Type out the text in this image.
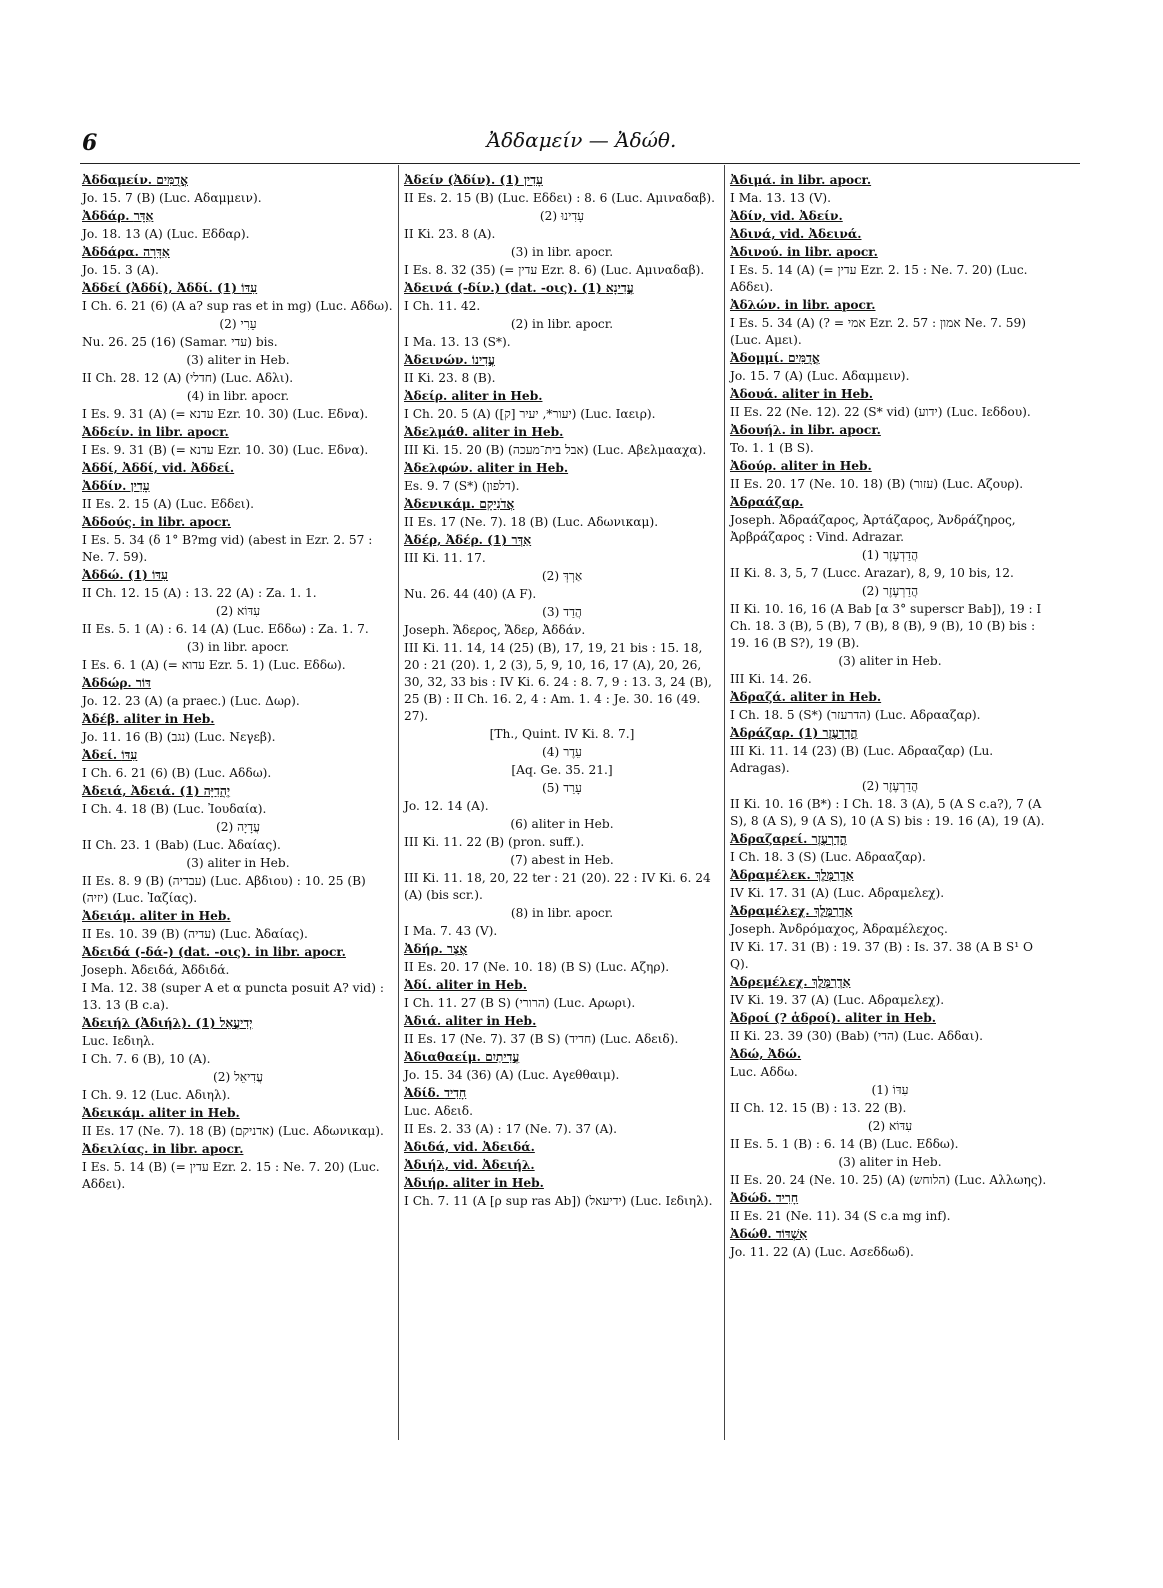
6	Ἀδδαμείν — Ἀδώθ.
Ἀδδαμείν. אֲדֻמִּים
Jo. 15. 7 (B) (Luc. Αδαμμειν).
Ἀδδάρ. אַדָּר
Jo. 18. 13 (A) (Luc. Εδδαρ).
Ἀδδάρα. אַדָּרָה
Jo. 15. 3 (A).
Ἀδδεί (Ἀδδί), Ἀδδί. (1) עִדּוֹ
I Ch. 6. 21 (6) (A a? sup ras et in mg) (Luc. Αδδω).
(2) עֵרִי
Nu. 26. 25 (16) (Samar. עדי) bis.
(3) aliter in Heb.
II Ch. 28. 12 (A) (חדלי) (Luc. Αδλι).
(4) in libr. apocr.
I Es. 9. 31 (A) (= עדנא Ezr. 10. 30) (Luc. Εδνα).
Ἀδδείν. in libr. apocr.
I Es. 9. 31 (B) (= עדנא Ezr. 10. 30) (Luc. Εδνα).
Ἀδδί, Ἀδδί, vid. Ἀδδεί.
Ἀδδίν. עָדִין
II Es. 2. 15 (A) (Luc. Εδδει).
Ἀδδούς. in libr. apocr.
I Es. 5. 34 (δ 1° B?mg vid) (abest in Ezr. 2. 57 : Ne. 7. 59).
Ἀδδώ. (1) עִדּוֹ
II Ch. 12. 15 (A) : 13. 22 (A) : Za. 1. 1.
(2) עִדּוֹא
II Es. 5. 1 (A) : 6. 14 (A) (Luc. Εδδω) : Za. 1. 7.
(3) in libr. apocr.
I Es. 6. 1 (A) (= עדוא Ezr. 5. 1) (Luc. Εδδω).
Ἀδδώρ. דּוֹר
Jo. 12. 23 (A) (a praec.) (Luc. Δωρ).
Ἀδέβ. aliter in Heb.
Jo. 11. 16 (B) (נגב) (Luc. Νεγεβ).
Ἀδεί. עִדּוֹ
I Ch. 6. 21 (6) (B) (Luc. Αδδω).
Ἀδειά, Ἀδειά. (1) יְהֻדִיָּה
I Ch. 4. 18 (B) (Luc. Ἰουδαία).
(2) עֲדָיָה
II Ch. 23. 1 (Bab) (Luc. Ἀδαίας).
(3) aliter in Heb.
II Es. 8. 9 (B) (עבדיה) (Luc. Αβδιου) : 10. 25 (B) (יזיה) (Luc. Ἰαζίας).
Ἀδειάμ. aliter in Heb.
II Es. 10. 39 (B) (עדיה) (Luc. Ἀδαίας).
Ἀδειδά (-δά-) (dat. -οις). in libr. apocr.
Joseph. Ἀδειδά, Ἀδδιδά.
I Ma. 12. 38 (super A et α puncta posuit A? vid) : 13. 13 (B c.a).
Ἀδειήλ (Ἀδιήλ). (1) יְדִיעֲאֵל
Luc. Ιεδιηλ.
I Ch. 7. 6 (B), 10 (A).
(2) עֲדִיאֵל
I Ch. 9. 12 (Luc. Αδιηλ).
Ἀδεικάμ. aliter in Heb.
II Es. 17 (Ne. 7). 18 (B) (אדניקם) (Luc. Αδωνικαμ).
Ἀδειλίας. in libr. apocr.
I Es. 5. 14 (B) (= עדין Ezr. 2. 15 : Ne. 7. 20) (Luc. Αδδει).
Ἀδείν (Ἀδίν). (1) עָדִין
II Es. 2. 15 (B) (Luc. Εδδει) : 8. 6 (Luc. Αμιναδαβ).
(2) עָדִינוּ
II Ki. 23. 8 (A).
(3) in libr. apocr.
I Es. 8. 32 (35) (= עדין Ezr. 8. 6) (Luc. Αμιναδαβ).
Ἀδεινά (-δίν.) (dat. -οις). (1) עֲדִינָא
I Ch. 11. 42.
(2) in libr. apocr.
I Ma. 13. 13 (S*).
Ἀδεινών. עֲדִינוֹ
II Ki. 23. 8 (B).
Ἀδείρ. aliter in Heb.
I Ch. 20. 5 (A) (יעור*, יעיר [ק]) (Luc. Ιαειρ).
Ἀδελμάθ. aliter in Heb.
III Ki. 15. 20 (B) (אבל בית־מעכה) (Luc. Αβελμααχα).
Ἀδελφών. aliter in Heb.
Es. 9. 7 (S*) (דלפון).
Ἀδενικάμ. אֲדֹנִיקָם
II Es. 17 (Ne. 7). 18 (B) (Luc. Αδωνικαμ).
Ἀδέρ, Ἀδέρ. (1) אַדְּר
III Ki. 11. 17.
(2) אַרְדְּ
Nu. 26. 44 (40) (A F).
(3) הֲדַד
Joseph. Ἄδερος, Ἄδερ, Ἀδδάν.
III Ki. 11. 14, 14 (25) (B), 17, 19, 21 bis : 15. 18, 20 : 21 (20). 1, 2 (3), 5, 9, 10, 16, 17 (A), 20, 26, 30, 32, 33 bis : IV Ki. 6. 24 : 8. 7, 9 : 13. 3, 24 (B), 25 (B) : II Ch. 16. 2, 4 : Am. 1. 4 : Je. 30. 16 (49. 27).
[Th., Quint. IV Ki. 8. 7.]
(4) עֵדֶר
[Aq. Ge. 35. 21.]
(5) עָרַד
Jo. 12. 14 (A).
(6) aliter in Heb.
III Ki. 11. 22 (B) (pron. suff.).
(7) abest in Heb.
III Ki. 11. 18, 20, 22 ter : 21 (20). 22 : IV Ki. 6. 24 (A) (bis scr.).
(8) in libr. apocr.
I Ma. 7. 43 (V).
Ἀδήρ. אֶצֶר
II Es. 20. 17 (Ne. 10. 18) (B S) (Luc. Αζηρ).
Ἀδί. aliter in Heb.
I Ch. 11. 27 (B S) (הרורי) (Luc. Αρωρι).
Ἀδιά. aliter in Heb.
II Es. 17 (Ne. 7). 37 (B S) (חדיד) (Luc. Αδειδ).
Ἀδιαθαείμ. עֲדִיתַיִם
Jo. 15. 34 (36) (A) (Luc. Αγεθθαιμ).
Ἀδίδ. חָדִיד
Luc. Αδειδ.
II Es. 2. 33 (A) : 17 (Ne. 7). 37 (A).
Ἀδιδά, vid. Ἀδειδά.
Ἀδιήλ, vid. Ἀδειήλ.
Ἀδιήρ. aliter in Heb.
I Ch. 7. 11 (A [ρ sup ras Ab]) (ידיעאל) (Luc. Ιεδιηλ).
Ἀδιμά. in libr. apocr.
I Ma. 13. 13 (V).
Ἀδίν, vid. Ἀδείν.
Ἀδινά, vid. Ἀδεινά.
Ἀδινού. in libr. apocr.
I Es. 5. 14 (A) (= עדין Ezr. 2. 15 : Ne. 7. 20) (Luc. Αδδει).
Ἀδλών. in libr. apocr.
I Es. 5. 34 (A) (? = אמי Ezr. 2. 57 : אמון Ne. 7. 59) (Luc. Αμει).
Ἀδομμί. אֲדֻמִּים
Jo. 15. 7 (A) (Luc. Αδαμμειν).
Ἀδουά. aliter in Heb.
II Es. 22 (Ne. 12). 22 (S* vid) (ידוע) (Luc. Ιεδδου).
Ἀδουήλ. in libr. apocr.
To. 1. 1 (B S).
Ἀδούρ. aliter in Heb.
II Es. 20. 17 (Ne. 10. 18) (B) (עזור) (Luc. Αζουρ).
Ἀδραάζαρ.
Joseph. Ἀδραάζαρος, Ἀρτάζαρος, Ἀνδράζηρος, Ἀρβράζαρος : Vind. Adrazar.
(1) הֲדַדְעֶזֶר
II Ki. 8. 3, 5, 7 (Lucc. Arazar), 8, 9, 10 bis, 12.
(2) הֲדַרְעֶזֶר
II Ki. 10. 16, 16 (A Bab [α 3° superscr Bab]), 19 : I Ch. 18. 3 (B), 5 (B), 7 (B), 8 (B), 9 (B), 10 (B) bis : 19. 16 (B S?), 19 (B).
(3) aliter in Heb.
III Ki. 14. 26.
Ἀδραζά. aliter in Heb.
I Ch. 18. 5 (S*) (הדרעזר) (Luc. Αδρααζαρ).
Ἀδράζαρ. (1) הֲדַדְעֶזֶר
III Ki. 11. 14 (23) (B) (Luc. Αδρααζαρ) (Lu. Adragas).
(2) הֲדַרְעֶזֶר
II Ki. 10. 16 (B*) : I Ch. 18. 3 (A), 5 (A S c.a?), 7 (A S), 8 (A S), 9 (A S), 10 (A S) bis : 19. 16 (A), 19 (A).
Ἀδραζαρεί. הֲדַרְעֶזֶר
I Ch. 18. 3 (S) (Luc. Αδρααζαρ).
Ἀδραμέλεκ. אַדְרַמֶּלֶךְ
IV Ki. 17. 31 (A) (Luc. Αδραμελεχ).
Ἀδραμέλεχ. אַדְרַמֶּלֶךְ
Joseph. Ἀνδρόμαχος, Ἀδραμέλεχος.
IV Ki. 17. 31 (B) : 19. 37 (B) : Is. 37. 38 (A B S¹ O Q).
Ἀδρεμέλεχ. אַדְרַמֶּלֶךְ
IV Ki. 19. 37 (A) (Luc. Αδραμελεχ).
Ἀδροί (? ἁδροί). aliter in Heb.
II Ki. 23. 39 (30) (Bab) (הדי) (Luc. Αδδαι).
Ἀδώ, Ἀδώ.
Luc. Αδδω.
(1) עִדּוֹ
II Ch. 12. 15 (B) : 13. 22 (B).
(2) עִדּוֹא
II Es. 5. 1 (B) : 6. 14 (B) (Luc. Εδδω).
(3) aliter in Heb.
II Es. 20. 24 (Ne. 10. 25) (A) (הלוחש) (Luc. Αλλωης).
Ἀδώδ. חָרִיד
II Es. 21 (Ne. 11). 34 (S c.a mg inf).
Ἀδώθ. אַשְׁדּוֹד
Jo. 11. 22 (A) (Luc. Ασεδδωδ).
